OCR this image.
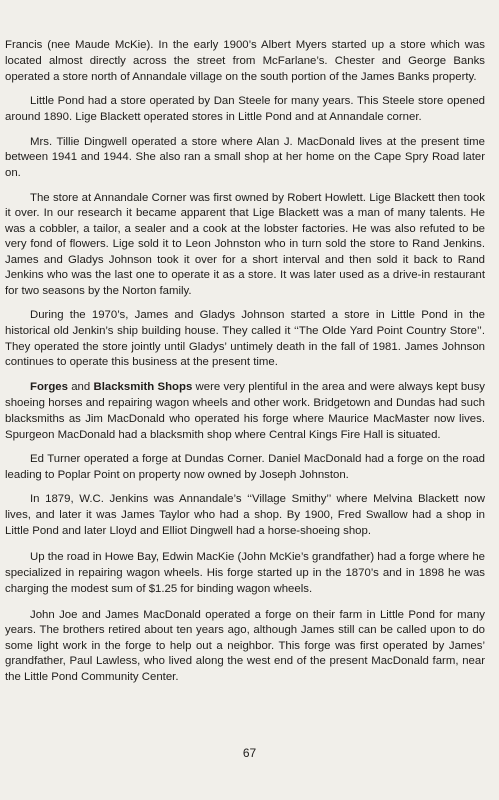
Francis (nee Maude McKie). In the early 1900’s Albert Myers started up a store which was located almost directly across the street from McFarlane’s. Chester and George Banks operated a store north of Annandale village on the south portion of the James Banks property.

Little Pond had a store operated by Dan Steele for many years. This Steele store opened around 1890. Lige Blackett operated stores in Little Pond and at Annandale corner.

Mrs. Tillie Dingwell operated a store where Alan J. MacDonald lives at the present time between 1941 and 1944. She also ran a small shop at her home on the Cape Spry Road later on.

The store at Annandale Corner was first owned by Robert Howlett. Lige Blackett then took it over. In our research it became apparent that Lige Blackett was a man of many talents. He was a cobbler, a tailor, a sealer and a cook at the lobster factories. He was also refuted to be very fond of flowers. Lige sold it to Leon Johnston who in turn sold the store to Rand Jenkins. James and Gladys Johnson took it over for a short interval and then sold it back to Rand Jenkins who was the last one to operate it as a store. It was later used as a drive-in restaurant for two seasons by the Norton family.

During the 1970’s, James and Gladys Johnson started a store in Little Pond in the historical old Jenkin’s ship building house. They called it ‘‘The Olde Yard Point Country Store’’. They operated the store jointly until Gladys’ untimely death in the fall of 1981. James Johnson continues to operate this business at the present time.

Forges and Blacksmith Shops were very plentiful in the area and were always kept busy shoeing horses and repairing wagon wheels and other work. Bridgetown and Dundas had such blacksmiths as Jim MacDonald who operated his forge where Maurice MacMaster now lives. Spurgeon MacDonald had a blacksmith shop where Central Kings Fire Hall is situated.

Ed Turner operated a forge at Dundas Corner. Daniel MacDonald had a forge on the road leading to Poplar Point on property now owned by Joseph Johnston.

In 1879, W.C. Jenkins was Annandale’s ‘‘Village Smithy’’ where Melvina Blackett now lives, and later it was James Taylor who had a shop. By 1900, Fred Swallow had a shop in Little Pond and later Lloyd and Elliot Dingwell had a horse-shoeing shop.

Up the road in Howe Bay, Edwin MacKie (John McKie’s grandfather) had a forge where he specialized in repairing wagon wheels. His forge started up in the 1870’s and in 1898 he was charging the modest sum of $1.25 for binding wagon wheels.

John Joe and James MacDonald operated a forge on their farm in Little Pond for many years. The brothers retired about ten years ago, although James still can be called upon to do some light work in the forge to help out a neighbor. This forge was first operated by James’ grandfather, Paul Lawless, who lived along the west end of the present MacDonald farm, near the Little Pond Community Center.

67
